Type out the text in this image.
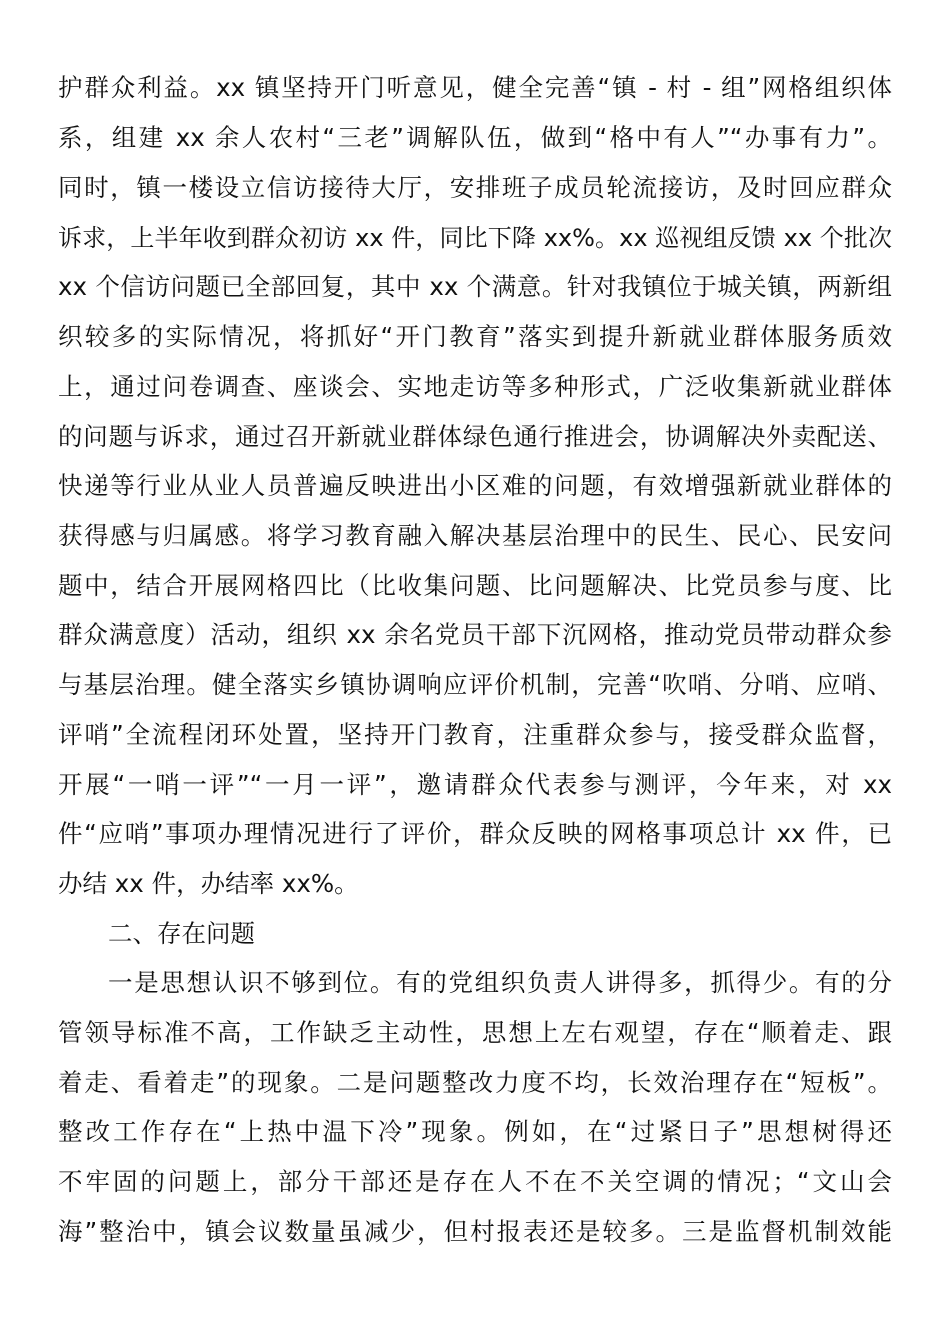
护群众利益。xx 镇坚持开门听意见，健全完善“镇 - 村 - 组”网格组织体
系，组建 xx 余人农村“三老”调解队伍，做到“格中有人”“办事有力”。
同时，镇一楼设立信访接待大厅，安排班子成员轮流接访，及时回应群众
诉求，上半年收到群众初访 xx 件，同比下降 xx%。xx 巡视组反馈 xx 个批次
xx 个信访问题已全部回复，其中 xx 个满意。针对我镇位于城关镇，两新组
织较多的实际情况，将抓好“开门教育”落实到提升新就业群体服务质效
上，通过问卷调查、座谈会、实地走访等多种形式，广泛收集新就业群体
的问题与诉求，通过召开新就业群体绿色通行推进会，协调解决外卖配送、
快递等行业从业人员普遍反映进出小区难的问题，有效增强新就业群体的
获得感与归属感。将学习教育融入解决基层治理中的民生、民心、民安问
题中，结合开展网格四比（比收集问题、比问题解决、比党员参与度、比
群众满意度）活动，组织 xx 余名党员干部下沉网格，推动党员带动群众参
与基层治理。健全落实乡镇协调响应评价机制，完善“吹哨、分哨、应哨、
评哨”全流程闭环处置，坚持开门教育，注重群众参与，接受群众监督，
开展“一哨一评”“一月一评”，邀请群众代表参与测评，今年来，对 xx
件“应哨”事项办理情况进行了评价，群众反映的网格事项总计 xx 件，已
办结 xx 件，办结率 xx%。
二、存在问题
一是思想认识不够到位。有的党组织负责人讲得多，抓得少。有的分
管领导标准不高，工作缺乏主动性，思想上左右观望，存在“顺着走、跟
着走、看着走”的现象。二是问题整改力度不均，长效治理存在“短板”。
整改工作存在“上热中温下冷”现象。例如，在“过紧日子”思想树得还
不牢固的问题上，部分干部还是存在人不在不关空调的情况；“文山会
海”整治中，镇会议数量虽减少，但村报表还是较多。三是监督机制效能
